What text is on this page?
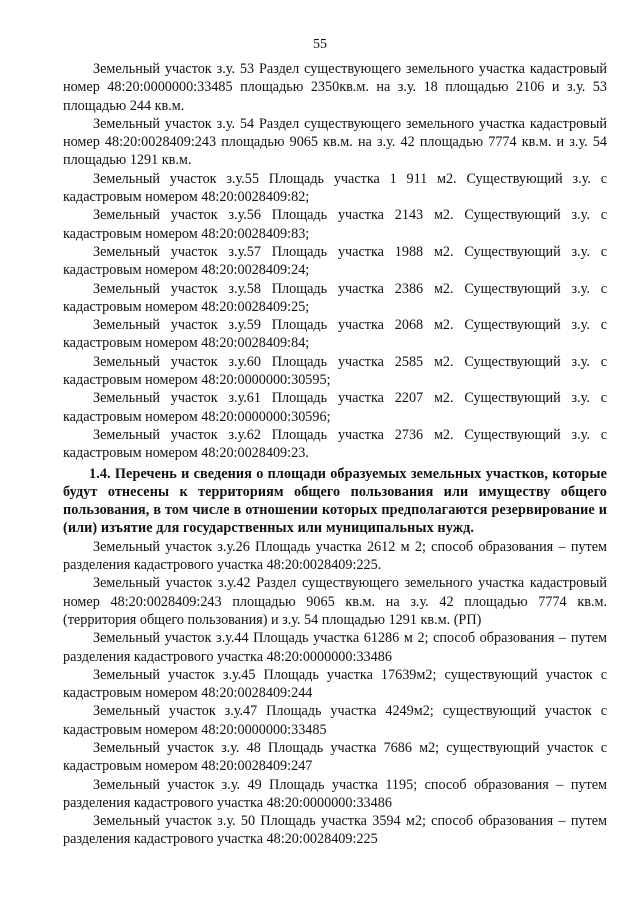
55

Земельный участок з.у. 53 Раздел существующего земельного участка кадастровый номер 48:20:0000000:33485 площадью 2350кв.м. на з.у. 18 площадью 2106 и з.у. 53 площадью 244 кв.м.

Земельный участок з.у. 54 Раздел существующего земельного участка кадастровый номер 48:20:0028409:243 площадью 9065 кв.м. на з.у. 42 площадью 7774 кв.м. и з.у. 54 площадью 1291 кв.м.

Земельный участок з.у.55 Площадь участка 1 911 м2. Существующий з.у. с кадастровым номером 48:20:0028409:82;

Земельный участок з.у.56 Площадь участка 2143 м2. Существующий з.у. с кадастровым номером 48:20:0028409:83;

Земельный участок з.у.57 Площадь участка 1988 м2. Существующий з.у. с кадастровым номером 48:20:0028409:24;

Земельный участок з.у.58 Площадь участка 2386 м2. Существующий з.у. с кадастровым номером 48:20:0028409:25;

Земельный участок з.у.59 Площадь участка 2068 м2. Существующий з.у. с кадастровым номером 48:20:0028409:84;

Земельный участок з.у.60 Площадь участка 2585 м2. Существующий з.у. с кадастровым номером 48:20:0000000:30595;

Земельный участок з.у.61 Площадь участка 2207 м2. Существующий з.у. с кадастровым номером 48:20:0000000:30596;

Земельный участок з.у.62 Площадь участка 2736 м2. Существующий з.у. с кадастровым номером 48:20:0028409:23.

1.4. Перечень и сведения о площади образуемых земельных участков, которые будут отнесены к территориям общего пользования или имуществу общего пользования, в том числе в отношении которых предполагаются резервирование и (или) изъятие для государственных или муниципальных нужд.

Земельный участок з.у.26 Площадь участка 2612 м 2; способ образования – путем разделения кадастрового участка 48:20:0028409:225.

Земельный участок з.у.42 Раздел существующего земельного участка кадастровый номер 48:20:0028409:243 площадью 9065 кв.м. на з.у. 42 площадью 7774 кв.м. (территория общего пользования) и з.у. 54 площадью 1291 кв.м. (РП)

Земельный участок з.у.44 Площадь участка 61286 м 2; способ образования – путем разделения кадастрового участка 48:20:0000000:33486

Земельный участок з.у.45 Площадь участка 17639м2; существующий участок с кадастровым номером 48:20:0028409:244

Земельный участок з.у.47 Площадь участка 4249м2; существующий участок с кадастровым номером 48:20:0000000:33485

Земельный участок з.у. 48 Площадь участка 7686 м2; существующий участок с кадастровым номером 48:20:0028409:247

Земельный участок з.у. 49 Площадь участка 1195; способ образования – путем разделения кадастрового участка 48:20:0000000:33486

Земельный участок з.у. 50 Площадь участка 3594 м2; способ образования – путем разделения кадастрового участка 48:20:0028409:225
